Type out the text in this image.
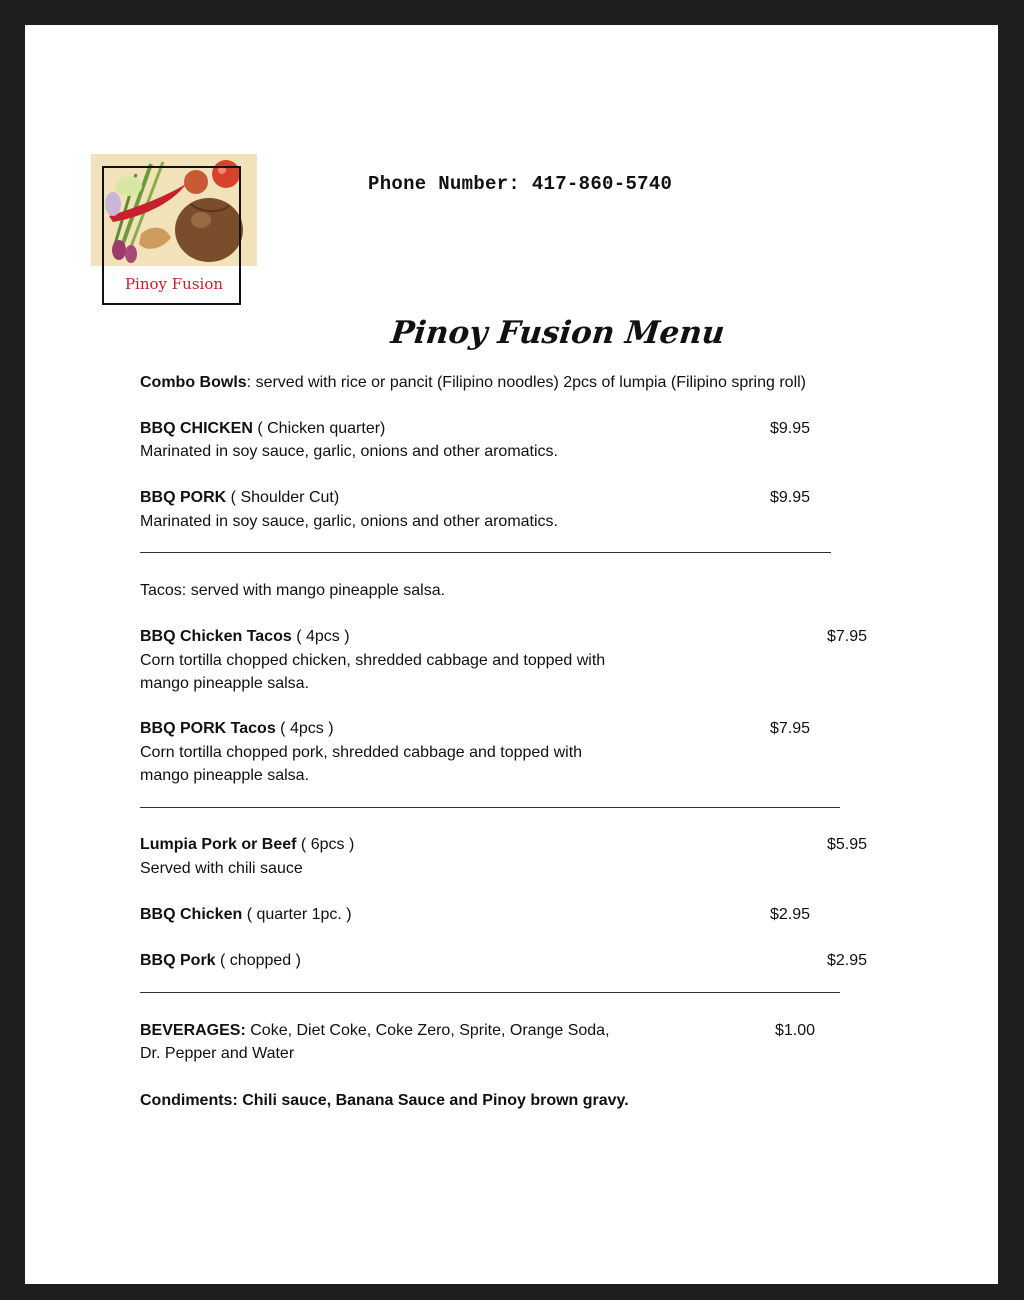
Pinoy Fusion
Phone Number: 417-860-5740
Pinoy Fusion Menu
Combo Bowls: served with rice or pancit (Filipino noodles) 2pcs of lumpia (Filipino spring roll)
BBQ CHICKEN ( Chicken quarter)	$9.95
Marinated in soy sauce, garlic, onions and other aromatics.
BBQ PORK ( Shoulder Cut)	$9.95
Marinated in soy sauce, garlic, onions and other aromatics.
Tacos: served with mango pineapple salsa.
BBQ Chicken Tacos ( 4pcs )	$7.95
Corn tortilla chopped chicken, shredded cabbage and topped with
mango pineapple salsa.
BBQ PORK Tacos ( 4pcs )	$7.95
Corn tortilla chopped pork, shredded cabbage and topped with
mango pineapple salsa.
Lumpia Pork or Beef ( 6pcs )	$5.95
Served with chili sauce
BBQ Chicken ( quarter 1pc. )	$2.95
BBQ Pork ( chopped )	$2.95
BEVERAGES: Coke, Diet Coke, Coke Zero, Sprite, Orange Soda,	$1.00
Dr. Pepper and Water
Condiments: Chili sauce, Banana Sauce and Pinoy brown gravy.
